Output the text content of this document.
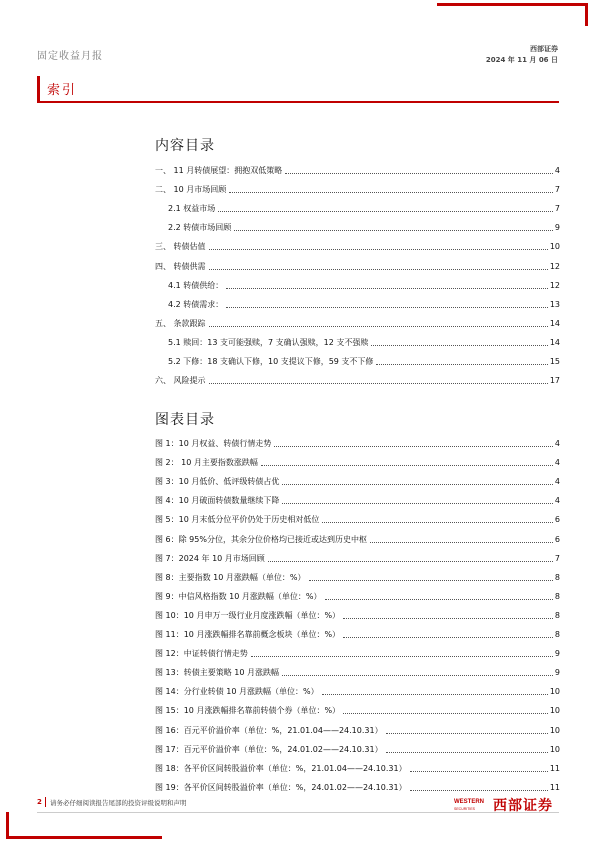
固定收益月报
西部证券
2024 年 11 月 06 日
索引
内容目录
一、 11 月转债展望：拥抱双低策略	4
二、 10 月市场回顾	7
2.1 权益市场	7
2.2 转债市场回顾	9
三、 转债估值	10
四、 转债供需	12
4.1 转债供给：	12
4.2 转债需求：	13
五、 条款跟踪	14
5.1 赎回：13 支可能强赎，7 支确认强赎，12 支不强赎	14
5.2 下修：18 支确认下修，10 支提议下修，59 支不下修	15
六、 风险提示	17
图表目录
图 1：10 月权益、转债行情走势	4
图 2： 10 月主要指数涨跌幅	4
图 3：10 月低价、低评级转债占优	4
图 4：10 月破面转债数量继续下降	4
图 5：10 月末低分位平价仍处于历史相对低位	6
图 6：除 95%分位，其余分位价格均已接近或达到历史中枢	6
图 7：2024 年 10 月市场回顾	7
图 8：主要指数 10 月涨跌幅（单位：%）	8
图 9：中信风格指数 10 月涨跌幅（单位：%）	8
图 10：10 月申万一级行业月度涨跌幅（单位：%）	8
图 11：10 月涨跌幅排名靠前概念板块（单位：%）	8
图 12：中证转债行情走势	9
图 13：转债主要策略 10 月涨跌幅	9
图 14：分行业转债 10 月涨跌幅（单位：%）	10
图 15：10 月涨跌幅排名靠前转债个券（单位：%）	10
图 16：百元平价溢价率（单位：%，21.01.04——24.10.31）	10
图 17：百元平价溢价率（单位：%，24.01.02——24.10.31）	10
图 18：各平价区间转股溢价率（单位：%，21.01.04——24.10.31）	11
图 19：各平价区间转股溢价率（单位：%，24.01.02——24.10.31）	11
2 请务必仔细阅读报告尾部的投资评级说明和声明	WESTERN
SECURITIES 西部证券
